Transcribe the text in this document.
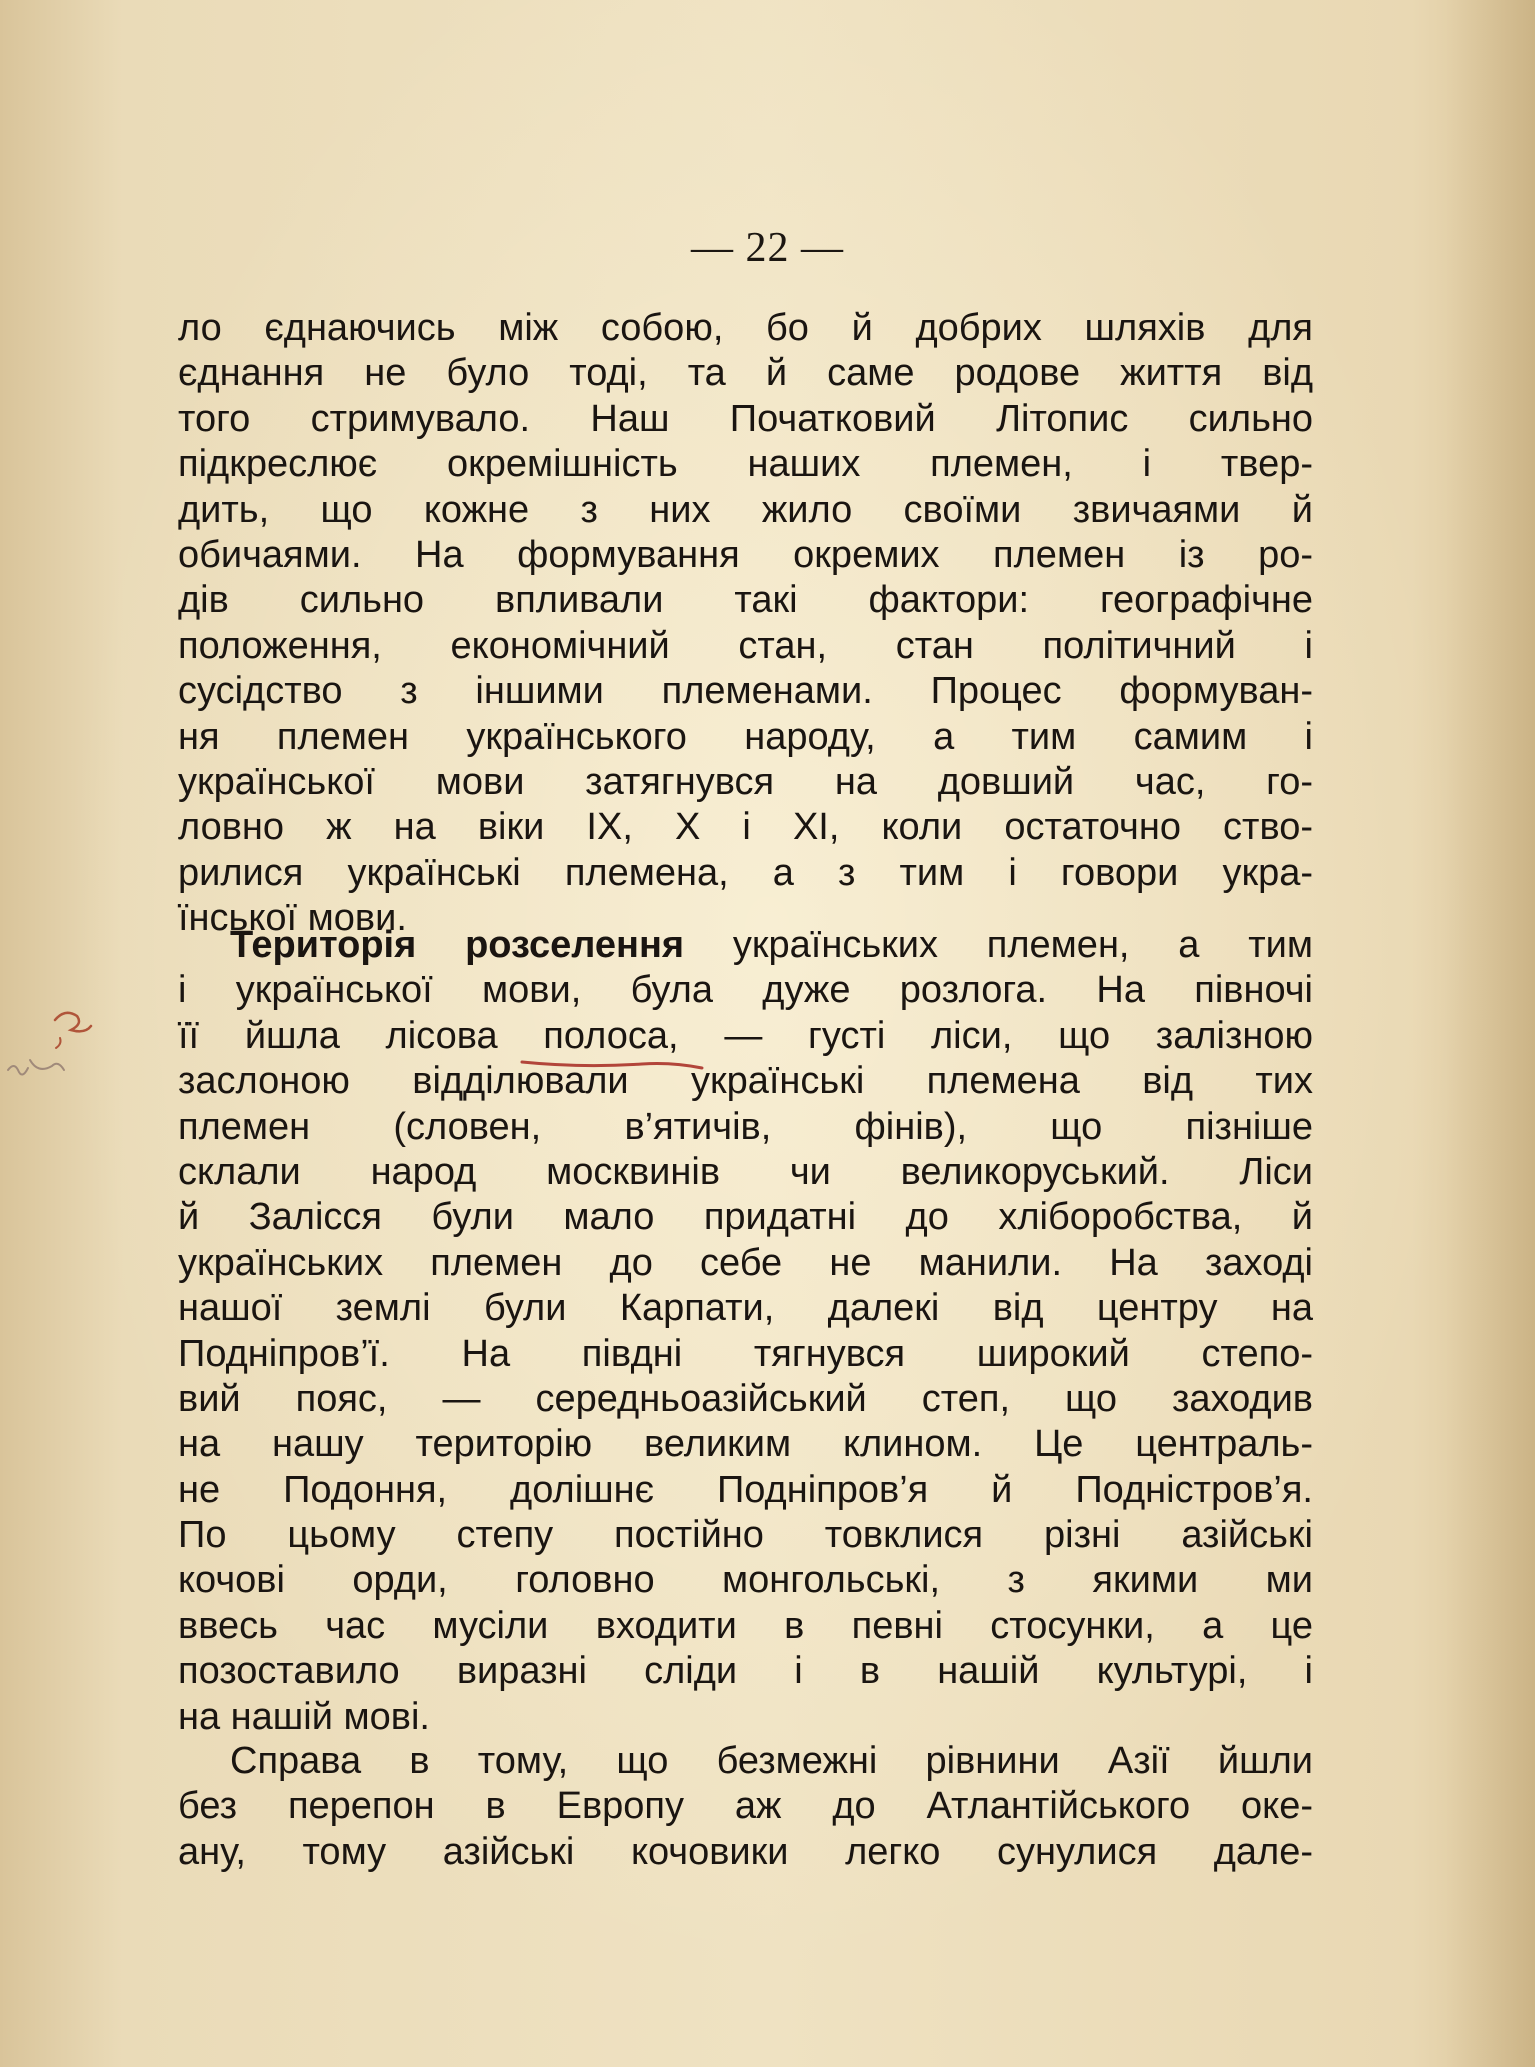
— 22 —
ло єднаючись між собою, бо й добрих шляхів для
єднання не було тоді, та й саме родове життя від
того стримувало. Наш Початковий Літопис сильно
підкреслює окремішність наших племен, і твер-
дить, що кожне з них жило своїми звичаями й
обичаями. На формування окремих племен із ро-
дів сильно впливали такі фактори: географічне
положення, економічний стан, стан політичний і
сусідство з іншими племенами. Процес формуван-
ня племен українського народу, а тим самим і
української мови затягнувся на довший час, го-
ловно ж на віки IX, X і XI, коли остаточно ство-
рилися українські племена, а з тим і говори укра-
їнської мови.
Територія розселення українських племен, а тим
і української мови, була дуже розлога. На півночі
її йшла лісова полоса, — густі ліси, що залізною
заслоною відділювали українські племена від тих
племен (словен, в’ятичів, фінів), що пізніше
склали народ москвинів чи великоруський. Ліси
й Залісся були мало придатні до хліборобства, й
українських племен до себе не манили. На заході
нашої землі були Карпати, далекі від центру на
Подніпров’ї. На півдні тягнувся широкий степо-
вий пояс, — середньоазійський степ, що заходив
на нашу територію великим клином. Це централь-
не Подоння, долішнє Подніпров’я й Подністров’я.
По цьому степу постійно товклися різні азійські
кочові орди, головно монгольські, з якими ми
ввесь час мусіли входити в певні стосунки, а це
позоставило виразні сліди і в нашій культурі, і
на нашій мові.
Справа в тому, що безмежні рівнини Азії йшли
без перепон в Европу аж до Атлантійського оке-
ану, тому азійські кочовики легко сунулися дале-
